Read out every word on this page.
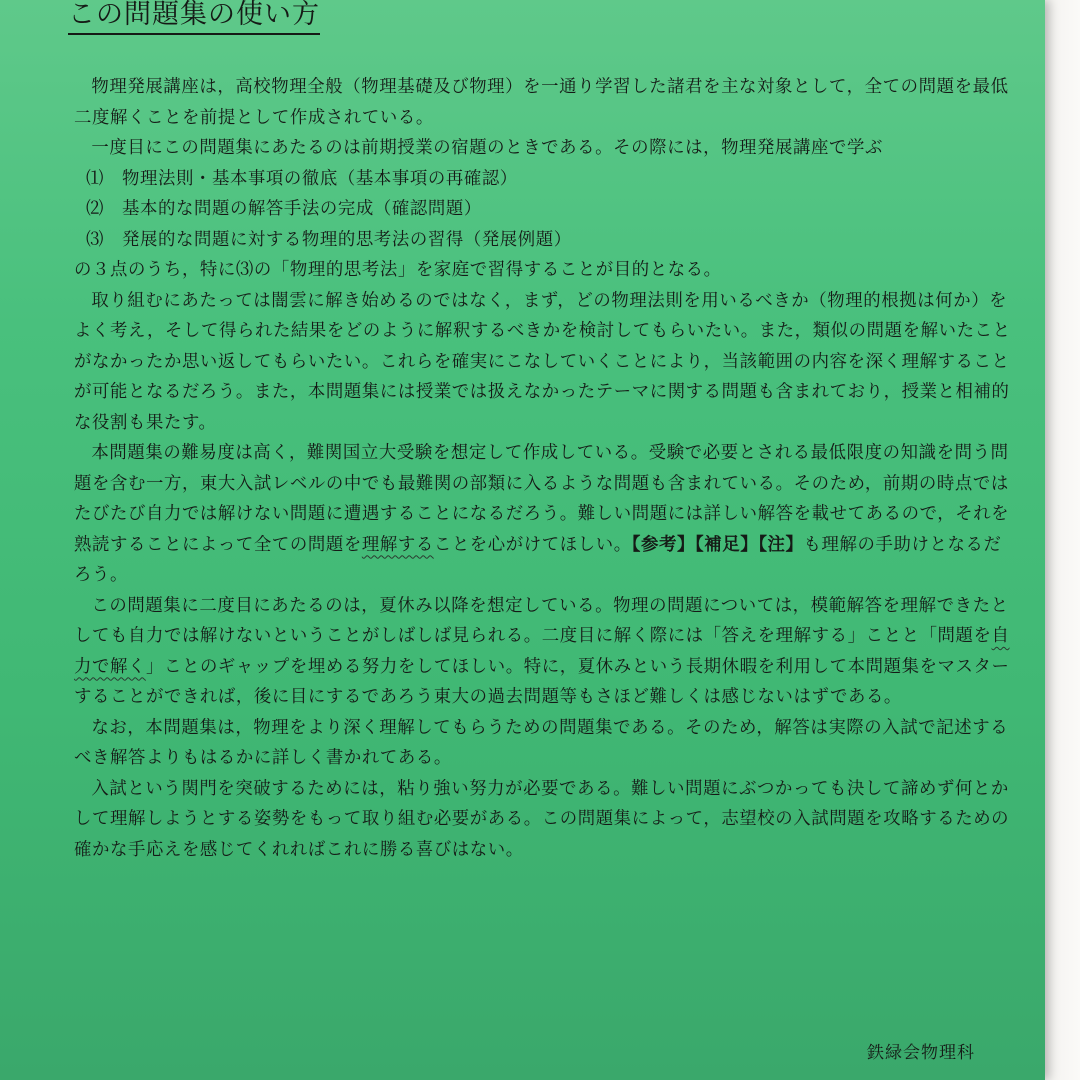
この問題集の使い方

物理発展講座は，高校物理全般（物理基礎及び物理）を一通り学習した諸君を主な対象として，全ての問題を最低二度解くことを前提として作成されている。

一度目にこの問題集にあたるのは前期授業の宿題のときである。その際には，物理発展講座で学ぶ

⑴ 物理法則・基本事項の徹底（基本事項の再確認）

⑵ 基本的な問題の解答手法の完成（確認問題）

⑶ 発展的な問題に対する物理的思考法の習得（発展例題）

の３点のうち，特に⑶の「物理的思考法」を家庭で習得することが目的となる。

取り組むにあたっては闇雲に解き始めるのではなく，まず，どの物理法則を用いるべきか（物理的根拠は何か）をよく考え，そして得られた結果をどのように解釈するべきかを検討してもらいたい。また，類似の問題を解いたことがなかったか思い返してもらいたい。これらを確実にこなしていくことにより，当該範囲の内容を深く理解することが可能となるだろう。また，本問題集には授業では扱えなかったテーマに関する問題も含まれており，授業と相補的な役割も果たす。

本問題集の難易度は高く，難関国立大受験を想定して作成している。受験で必要とされる最低限度の知識を問う問題を含む一方，東大入試レベルの中でも最難関の部類に入るような問題も含まれている。そのため，前期の時点ではたびたび自力では解けない問題に遭遇することになるだろう。難しい問題には詳しい解答を載せてあるので，それを熟読することによって全ての問題を理解することを心がけてほしい。【参考】【補足】【注】も理解の手助けとなるだろう。

この問題集に二度目にあたるのは，夏休み以降を想定している。物理の問題については，模範解答を理解できたとしても自力では解けないということがしばしば見られる。二度目に解く際には「答えを理解する」ことと「問題を自力で解く」ことのギャップを埋める努力をしてほしい。特に，夏休みという長期休暇を利用して本問題集をマスターすることができれば，後に目にするであろう東大の過去問題等もさほど難しくは感じないはずである。

なお，本問題集は，物理をより深く理解してもらうための問題集である。そのため，解答は実際の入試で記述するべき解答よりもはるかに詳しく書かれてある。

入試という関門を突破するためには，粘り強い努力が必要である。難しい問題にぶつかっても決して諦めず何とかして理解しようとする姿勢をもって取り組む必要がある。この問題集によって，志望校の入試問題を攻略するための確かな手応えを感じてくれればこれに勝る喜びはない。

鉄緑会物理科
